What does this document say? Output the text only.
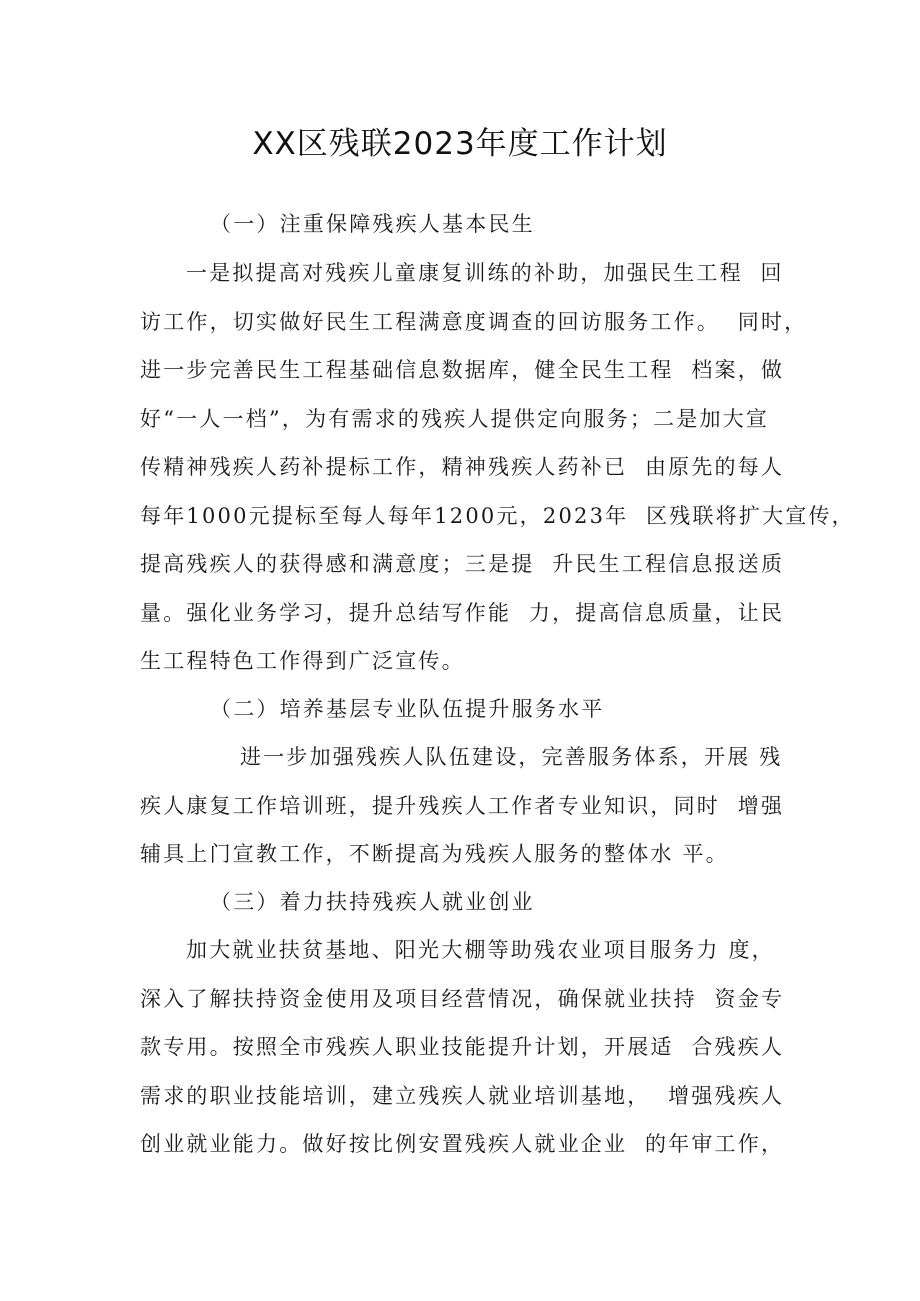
XX区残联2023年度工作计划

（一）注重保障残疾人基本民生

一是拟提高对残疾儿童康复训练的补助，加强民生工程  回

访工作，切实做好民生工程满意度调查的回访服务工作。  同时，

进一步完善民生工程基础信息数据库，健全民生工程  档案，做

好“一人一档”，为有需求的残疾人提供定向服务；二是加大宣

传精神残疾人药补提标工作，精神残疾人药补已  由原先的每人

每年1000元提标至每人每年1200元，2023年  区残联将扩大宣传，

提高残疾人的获得感和满意度；三是提  升民生工程信息报送质

量。强化业务学习，提升总结写作能  力，提高信息质量，让民

生工程特色工作得到广泛宣传。

（二）培养基层专业队伍提升服务水平

进一步加强残疾人队伍建设，完善服务体系，开展 残

疾人康复工作培训班，提升残疾人工作者专业知识，同时  增强

辅具上门宣教工作，不断提高为残疾人服务的整体水 平。

（三）着力扶持残疾人就业创业

加大就业扶贫基地、阳光大棚等助残农业项目服务力 度，

深入了解扶持资金使用及项目经营情况，确保就业扶持  资金专

款专用。按照全市残疾人职业技能提升计划，开展适  合残疾人

需求的职业技能培训，建立残疾人就业培训基地，  增强残疾人

创业就业能力。做好按比例安置残疾人就业企业  的年审工作，
